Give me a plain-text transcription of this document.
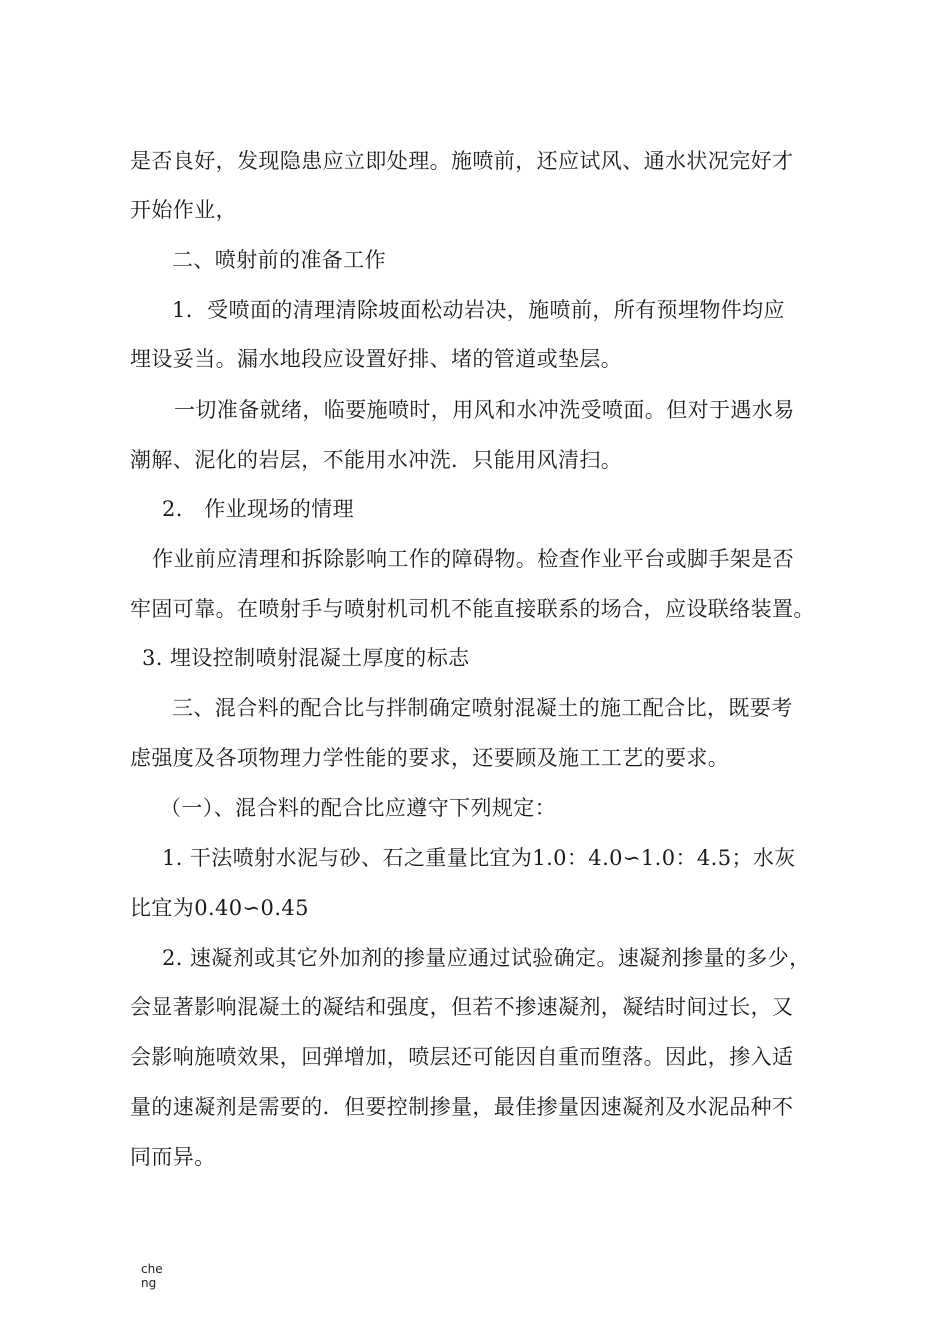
是否良好，发现隐患应立即处理。施喷前，还应试风、通水状况完好才
开始作业，
二、喷射前的准备工作
1．受喷面的清理清除坡面松动岩决，施喷前，所有预埋物件均应
埋设妥当。漏水地段应设置好排、堵的管道或垫层。
一切准备就绪，临要施喷时，用风和水冲洗受喷面。但对于遇水易
潮解、泥化的岩层，不能用水冲洗．只能用风清扫。
2.　作业现场的情理
作业前应清理和拆除影响工作的障碍物。检查作业平台或脚手架是否
牢固可靠。在喷射手与喷射机司机不能直接联系的场合，应设联络装置。
3. 埋设控制喷射混凝土厚度的标志
三、混合料的配合比与拌制确定喷射混凝土的施工配合比，既要考
虑强度及各项物理力学性能的要求，还要顾及施工工艺的要求。
（一）、混合料的配合比应遵守下列规定：
1. 干法喷射水泥与砂、石之重量比宜为1.0：4.0∽1.0：4.5；水灰
比宜为0.40∽0.45
2. 速凝剂或其它外加剂的掺量应通过试验确定。速凝剂掺量的多少，
会显著影响混凝土的凝结和强度，但若不掺速凝剂，凝结时间过长，又
会影响施喷效果，回弹增加，喷层还可能因自重而堕落。因此，掺入适
量的速凝剂是需要的．但要控制掺量，最佳掺量因速凝剂及水泥品种不
同而异。
che
ng
